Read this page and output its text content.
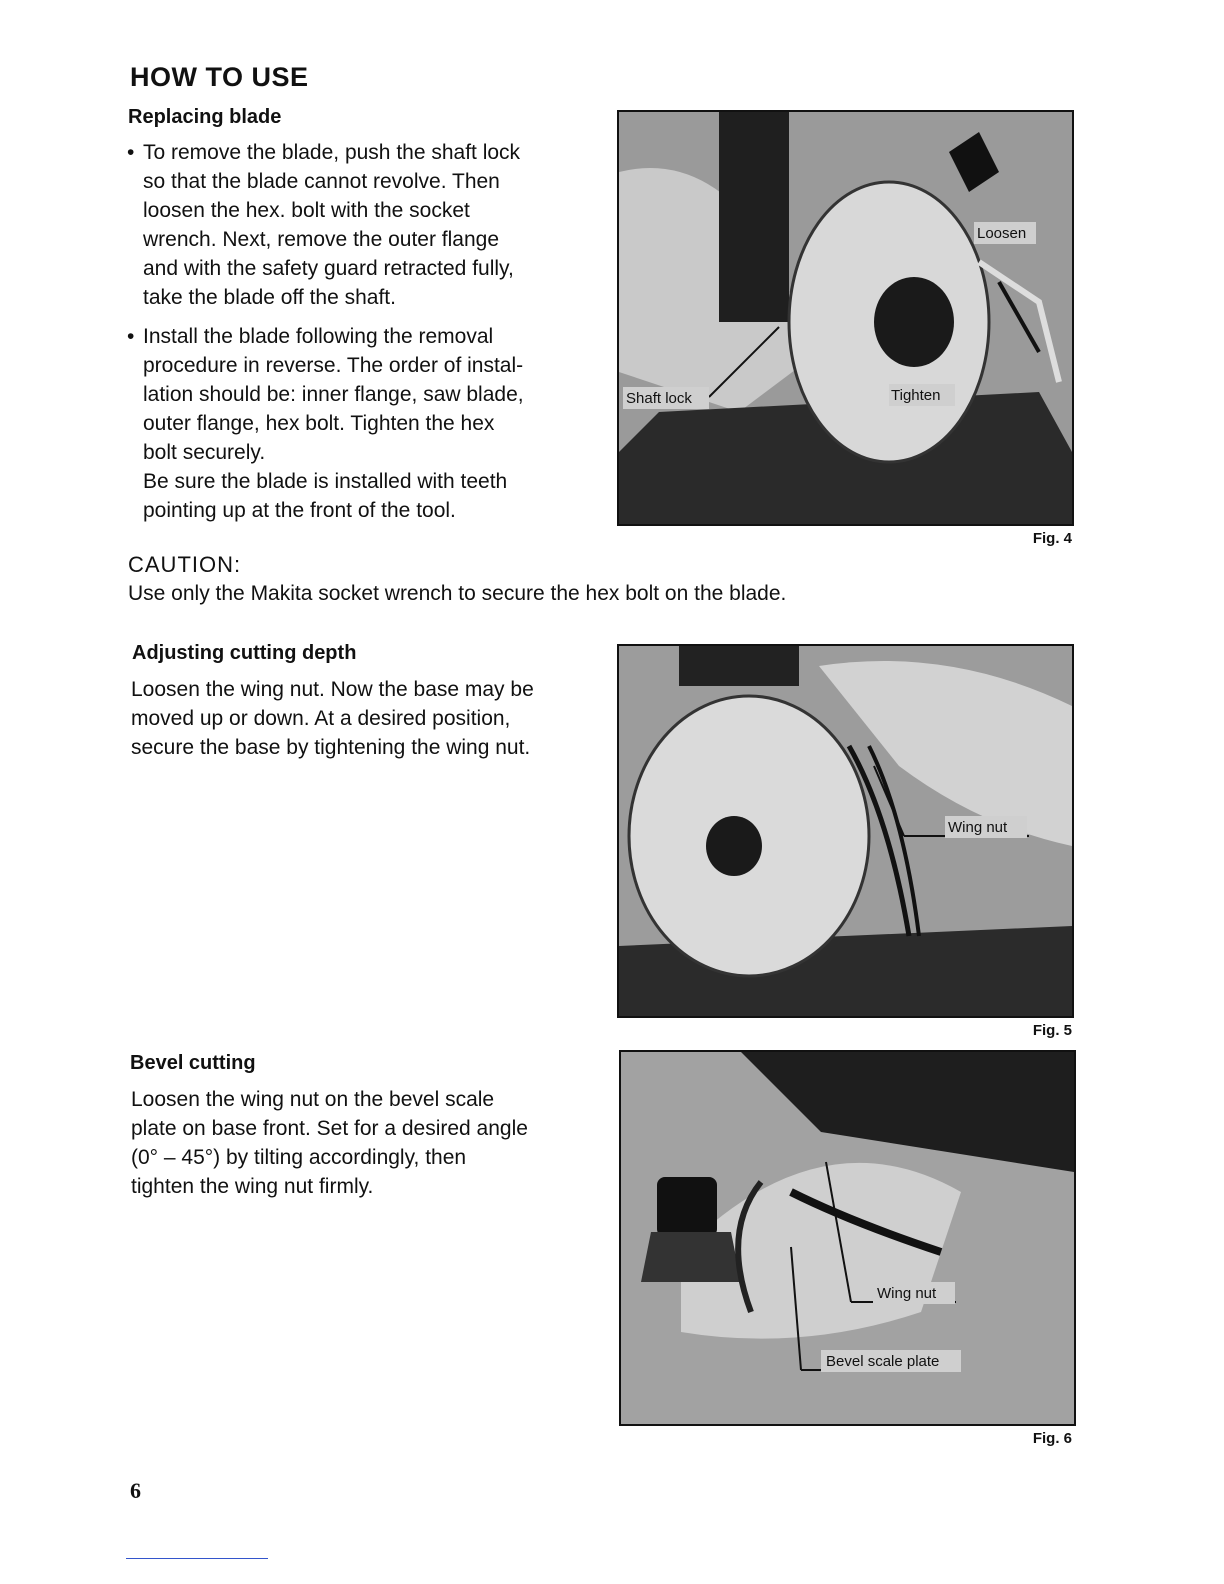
HOW TO USE
Replacing blade

• To remove the blade, push the shaft lock
so that the blade cannot revolve. Then
loosen the hex. bolt with the socket
wrench. Next, remove the outer flange
and with the safety guard retracted fully,
take the blade off the shaft.

• Install the blade following the removal
procedure in reverse. The order of instal-
lation should be: inner flange, saw blade,
outer flange, hex bolt. Tighten the hex
bolt securely.
Be sure the blade is installed with teeth
pointing up at the front of the tool.

Loosen
Shaft lock	Tighten
Fig. 4

CAUTION:

Use only the Makita socket wrench to secure the hex bolt on the blade.

Adjusting cutting depth

Loosen the wing nut. Now the base may be
moved up or down. At a desired position,
secure the base by tightening the wing nut.

Wing nut
Fig. 5
Bevel cutting

Loosen the wing nut on the bevel scale
plate on base front. Set for a desired angle
(0° – 45°) by tilting accordingly, then
tighten the wing nut firmly.

Wing nut
Bevel scale plate
Fig. 6
6
